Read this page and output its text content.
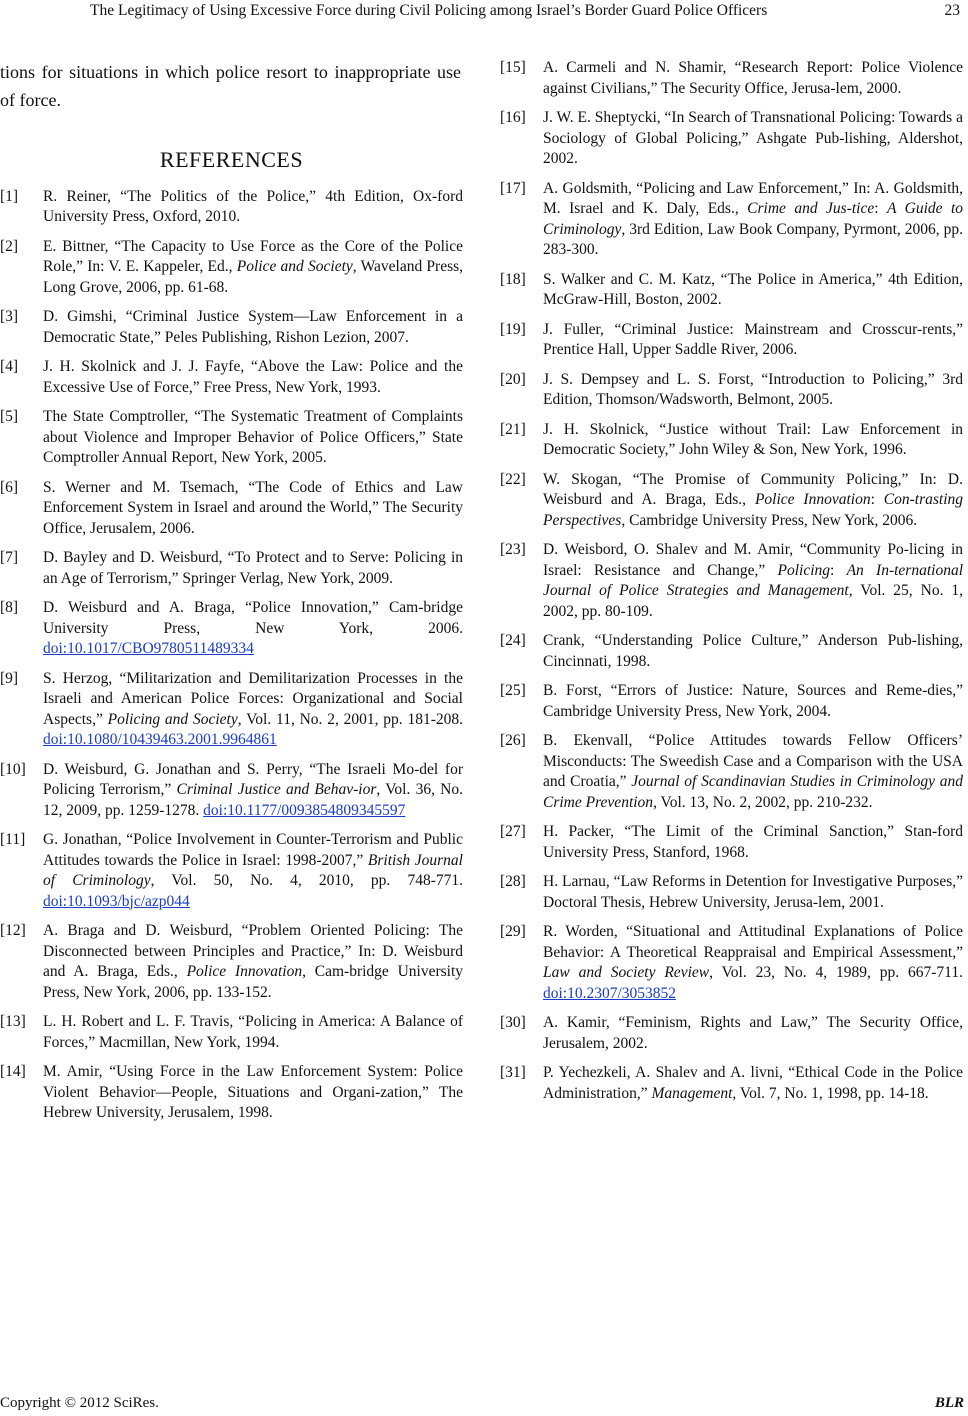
The Legitimacy of Using Excessive Force during Civil Policing among Israel’s Border Guard Police Officers	23
tions for situations in which police resort to inappropriate use of force.
REFERENCES
[1]	R. Reiner, “The Politics of the Police,” 4th Edition, Ox-ford University Press, Oxford, 2010.
[2]	E. Bittner, “The Capacity to Use Force as the Core of the Police Role,” In: V. E. Kappeler, Ed., Police and Society, Waveland Press, Long Grove, 2006, pp. 61-68.
[3]	D. Gimshi, “Criminal Justice System—Law Enforcement in a Democratic State,” Peles Publishing, Rishon Lezion, 2007.
[4]	J. H. Skolnick and J. J. Fayfe, “Above the Law: Police and the Excessive Use of Force,” Free Press, New York, 1993.
[5]	The State Comptroller, “The Systematic Treatment of Complaints about Violence and Improper Behavior of Police Officers,” State Comptroller Annual Report, New York, 2005.
[6]	S. Werner and M. Tsemach, “The Code of Ethics and Law Enforcement System in Israel and around the World,” The Security Office, Jerusalem, 2006.
[7]	D. Bayley and D. Weisburd, “To Protect and to Serve: Policing in an Age of Terrorism,” Springer Verlag, New York, 2009.
[8]	D. Weisburd and A. Braga, “Police Innovation,” Cam-bridge University Press, New York, 2006. doi:10.1017/CBO9780511489334
[9]	S. Herzog, “Militarization and Demilitarization Processes in the Israeli and American Police Forces: Organizational and Social Aspects,” Policing and Society, Vol. 11, No. 2, 2001, pp. 181-208. doi:10.1080/10439463.2001.9964861
[10]	D. Weisburd, G. Jonathan and S. Perry, “The Israeli Mo-del for Policing Terrorism,” Criminal Justice and Behav-ior, Vol. 36, No. 12, 2009, pp. 1259-1278. doi:10.1177/0093854809345597
[11]	G. Jonathan, “Police Involvement in Counter-Terrorism and Public Attitudes towards the Police in Israel: 1998-2007,” British Journal of Criminology, Vol. 50, No. 4, 2010, pp. 748-771. doi:10.1093/bjc/azp044
[12]	A. Braga and D. Weisburd, “Problem Oriented Policing: The Disconnected between Principles and Practice,” In: D. Weisburd and A. Braga, Eds., Police Innovation, Cam-bridge University Press, New York, 2006, pp. 133-152.
[13]	L. H. Robert and L. F. Travis, “Policing in America: A Balance of Forces,” Macmillan, New York, 1994.
[14]	M. Amir, “Using Force in the Law Enforcement System: Police Violent Behavior—People, Situations and Organi-zation,” The Hebrew University, Jerusalem, 1998.
[15]	A. Carmeli and N. Shamir, “Research Report: Police Violence against Civilians,” The Security Office, Jerusa-lem, 2000.
[16]	J. W. E. Sheptycki, “In Search of Transnational Policing: Towards a Sociology of Global Policing,” Ashgate Pub-lishing, Aldershot, 2002.
[17]	A. Goldsmith, “Policing and Law Enforcement,” In: A. Goldsmith, M. Israel and K. Daly, Eds., Crime and Jus-tice: A Guide to Criminology, 3rd Edition, Law Book Company, Pyrmont, 2006, pp. 283-300.
[18]	S. Walker and C. M. Katz, “The Police in America,” 4th Edition, McGraw-Hill, Boston, 2002.
[19]	J. Fuller, “Criminal Justice: Mainstream and Crosscur-rents,” Prentice Hall, Upper Saddle River, 2006.
[20]	J. S. Dempsey and L. S. Forst, “Introduction to Policing,” 3rd Edition, Thomson/Wadsworth, Belmont, 2005.
[21]	J. H. Skolnick, “Justice without Trail: Law Enforcement in Democratic Society,” John Wiley & Son, New York, 1996.
[22]	W. Skogan, “The Promise of Community Policing,” In: D. Weisburd and A. Braga, Eds., Police Innovation: Con-trasting Perspectives, Cambridge University Press, New York, 2006.
[23]	D. Weisbord, O. Shalev and M. Amir, “Community Po-licing in Israel: Resistance and Change,” Policing: An In-ternational Journal of Police Strategies and Management, Vol. 25, No. 1, 2002, pp. 80-109.
[24]	Crank, “Understanding Police Culture,” Anderson Pub-lishing, Cincinnati, 1998.
[25]	B. Forst, “Errors of Justice: Nature, Sources and Reme-dies,” Cambridge University Press, New York, 2004.
[26]	B. Ekenvall, “Police Attitudes towards Fellow Officers’ Misconducts: The Sweedish Case and a Comparison with the USA and Croatia,” Journal of Scandinavian Studies in Criminology and Crime Prevention, Vol. 13, No. 2, 2002, pp. 210-232.
[27]	H. Packer, “The Limit of the Criminal Sanction,” Stan-ford University Press, Stanford, 1968.
[28]	H. Larnau, “Law Reforms in Detention for Investigative Purposes,” Doctoral Thesis, Hebrew University, Jerusa-lem, 2001.
[29]	R. Worden, “Situational and Attitudinal Explanations of Police Behavior: A Theoretical Reappraisal and Empirical Assessment,” Law and Society Review, Vol. 23, No. 4, 1989, pp. 667-711. doi:10.2307/3053852
[30]	A. Kamir, “Feminism, Rights and Law,” The Security Office, Jerusalem, 2002.
[31]	P. Yechezkeli, A. Shalev and A. livni, “Ethical Code in the Police Administration,” Management, Vol. 7, No. 1, 1998, pp. 14-18.
Copyright © 2012 SciRes.	BLR
